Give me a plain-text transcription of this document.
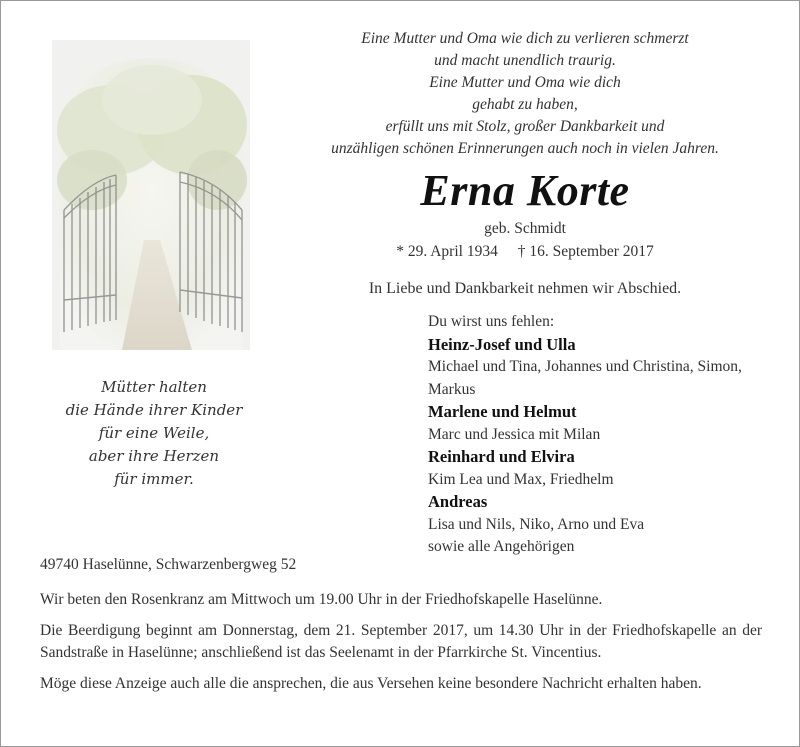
Eine Mutter und Oma wie dich zu verlieren schmerzt
und macht unendlich traurig.
Eine Mutter und Oma wie dich
gehabt zu haben,
erfüllt uns mit Stolz, großer Dankbarkeit und
unzähligen schönen Erinnerungen auch noch in vielen Jahren.
Erna Korte
geb. Schmidt
* 29. April 1934 † 16. September 2017
In Liebe und Dankbarkeit nehmen wir Abschied.
Du wirst uns fehlen:
Heinz-Josef und Ulla
Michael und Tina, Johannes und Christina, Simon, Markus
Marlene und Helmut
Marc und Jessica mit Milan
Reinhard und Elvira
Kim Lea und Max, Friedhelm
Andreas
Lisa und Nils, Niko, Arno und Eva
sowie alle Angehörigen
Mütter halten
die Hände ihrer Kinder
für eine Weile,
aber ihre Herzen
für immer.
49740 Haselünne, Schwarzenbergweg 52

Wir beten den Rosenkranz am Mittwoch um 19.00 Uhr in der Friedhofskapelle Haselünne.

Die Beerdigung beginnt am Donnerstag, dem 21. September 2017, um 14.30 Uhr in der Friedhofskapelle an der Sandstraße in Haselünne; anschließend ist das Seelenamt in der Pfarrkirche St. Vincentius.

Möge diese Anzeige auch alle die ansprechen, die aus Versehen keine besondere Nachricht erhalten haben.
